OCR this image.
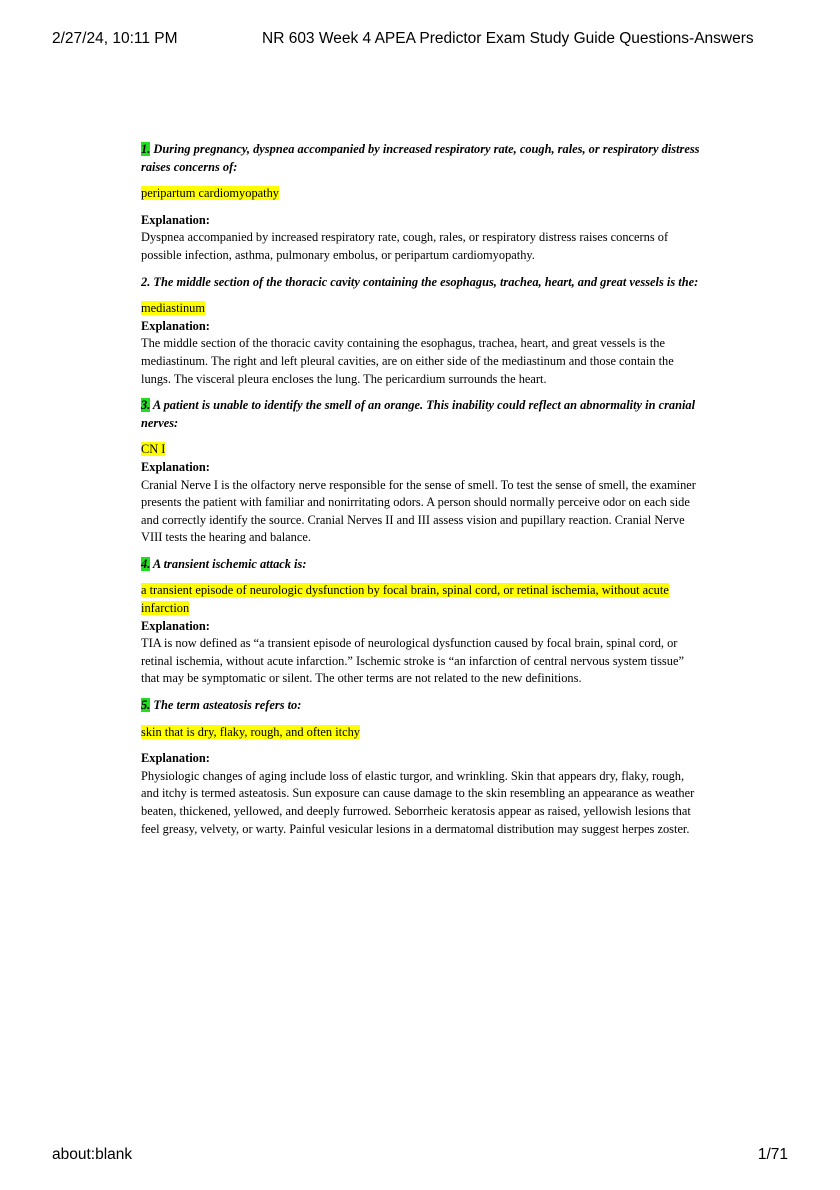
2/27/24, 10:11 PM	NR 603 Week 4 APEA Predictor Exam Study Guide Questions-Answers

1. During pregnancy, dyspnea accompanied by increased respiratory rate, cough, rales, or respiratory distress raises concerns of:

peripartum cardiomyopathy

Explanation:

Dyspnea accompanied by increased respiratory rate, cough, rales, or respiratory distress raises concerns of possible infection, asthma, pulmonary embolus, or peripartum cardiomyopathy.

2. The middle section of the thoracic cavity containing the esophagus, trachea, heart, and great vessels is the:

mediastinum

Explanation:

The middle section of the thoracic cavity containing the esophagus, trachea, heart, and great vessels is the mediastinum. The right and left pleural cavities, are on either side of the mediastinum and those contain the lungs. The visceral pleura encloses the lung. The pericardium surrounds the heart.

3. A patient is unable to identify the smell of an orange. This inability could reflect an abnormality in cranial nerves:

CN I

Explanation:

Cranial Nerve I is the olfactory nerve responsible for the sense of smell. To test the sense of smell, the examiner presents the patient with familiar and nonirritating odors. A person should normally perceive odor on each side and correctly identify the source. Cranial Nerves II and III assess vision and pupillary reaction. Cranial Nerve VIII tests the hearing and balance.

4. A transient ischemic attack is:

a transient episode of neurologic dysfunction by focal brain, spinal cord, or retinal ischemia, without acute infarction

Explanation:

TIA is now defined as “a transient episode of neurological dysfunction caused by focal brain, spinal cord, or retinal ischemia, without acute infarction.” Ischemic stroke is “an infarction of central nervous system tissue” that may be symptomatic or silent. The other terms are not related to the new definitions.

5. The term asteatosis refers to:

skin that is dry, flaky, rough, and often itchy

Explanation:

Physiologic changes of aging include loss of elastic turgor, and wrinkling. Skin that appears dry, flaky, rough, and itchy is termed asteatosis. Sun exposure can cause damage to the skin resembling an appearance as weather beaten, thickened, yellowed, and deeply furrowed. Seborrheic keratosis appear as raised, yellowish lesions that feel greasy, velvety, or warty. Painful vesicular lesions in a dermatomal distribution may suggest herpes zoster.

about:blank	1/71
